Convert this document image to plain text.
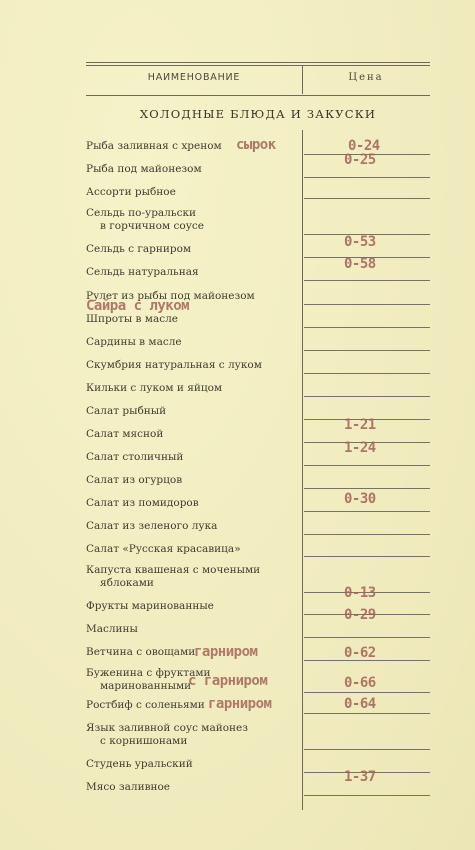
НАИМЕНОВАНИЕ	Цена
ХОЛОДНЫЕ БЛЮДА И ЗАКУСКИ
Рыба заливная с хреном
Рыба под майонезом
Ассорти рыбное
Сельдь по-уральски
в горчичном соусе
Сельдь с гарниром
Сельдь натуральная
Рулет из рыбы под майонезом
Шпроты в масле
Сардины в масле
Скумбрия натуральная с луком
Кильки с луком и яйцом
Салат рыбный
Салат мясной
Салат столичный
Салат из огурцов
Салат из помидоров
Салат из зеленого лука
Салат «Русская красавица»
Капуста квашеная с мочеными
яблоками
Фрукты маринованные
Маслины
Ветчина с овощами
Буженина с фруктами
маринованными
Ростбиф с соленьями
Язык заливной соус майонез
с корнишонами
Студень уральский
Мясо заливное
0-24
0-25
0-53
0-58
1-21
1-24
0-30
0-13
0-29
0-62
0-66
0-64
1-37
сырок
Сайра с луком
гарниром
с гарниром
гарниром
